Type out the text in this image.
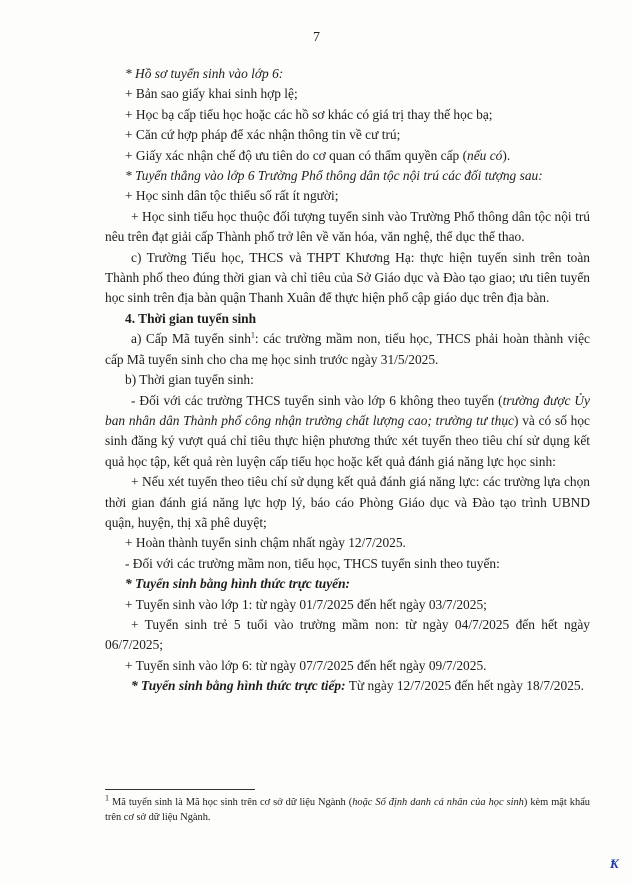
7

* Hồ sơ tuyển sinh vào lớp 6:

+ Bản sao giấy khai sinh hợp lệ;

+ Học bạ cấp tiểu học hoặc các hồ sơ khác có giá trị thay thế học bạ;

+ Căn cứ hợp pháp để xác nhận thông tin về cư trú;

+ Giấy xác nhận chế độ ưu tiên do cơ quan có thẩm quyền cấp (nếu có).

* Tuyển thẳng vào lớp 6 Trường Phổ thông dân tộc nội trú các đối tượng sau:

+ Học sinh dân tộc thiểu số rất ít người;

+ Học sinh tiểu học thuộc đối tượng tuyển sinh vào Trường Phổ thông dân tộc nội trú nêu trên đạt giải cấp Thành phố trở lên về văn hóa, văn nghệ, thể dục thể thao.

c) Trường Tiểu học, THCS và THPT Khương Hạ: thực hiện tuyển sinh trên toàn Thành phố theo đúng thời gian và chỉ tiêu của Sở Giáo dục và Đào tạo giao; ưu tiên tuyển học sinh trên địa bàn quận Thanh Xuân để thực hiện phổ cập giáo dục trên địa bàn.

4. Thời gian tuyển sinh

a) Cấp Mã tuyển $\sinh^1$: các trường mầm non, tiểu học, THCS phải hoàn thành việc cấp Mã tuyển sinh cho cha mẹ học sinh trước ngày 31/5/2025.

b) Thời gian tuyển sinh:

- Đối với các trường THCS tuyển sinh vào lớp 6 không theo tuyến (trường được Ủy ban nhân dân Thành phố công nhận trường chất lượng cao; trường tư thục) và có số học sinh đăng ký vượt quá chỉ tiêu thực hiện phương thức xét tuyển theo tiêu chí sử dụng kết quả học tập, kết quả rèn luyện cấp tiểu học hoặc kết quả đánh giá năng lực học sinh:

+ Nếu xét tuyển theo tiêu chí sử dụng kết quả đánh giá năng lực: các trường lựa chọn thời gian đánh giá năng lực hợp lý, báo cáo Phòng Giáo dục và Đào tạo trình UBND quận, huyện, thị xã phê duyệt;

+ Hoàn thành tuyển sinh chậm nhất ngày 12/7/2025.

- Đối với các trường mầm non, tiểu học, THCS tuyển sinh theo tuyến:

* Tuyển sinh bằng hình thức trực tuyến:

+ Tuyển sinh vào lớp 1: từ ngày 01/7/2025 đến hết ngày 03/7/2025;

+ Tuyển sinh trẻ 5 tuổi vào trường mầm non: từ ngày 04/7/2025 đến hết ngày 06/7/2025;

+ Tuyển sinh vào lớp 6: từ ngày 07/7/2025 đến hết ngày 09/7/2025.

* Tuyển sinh bằng hình thức trực tiếp: Từ ngày 12/7/2025 đến hết ngày 18/7/2025.

$^1$ Mã tuyển sinh là Mã học sinh trên cơ sở dữ liệu Ngành (hoặc Số định danh cá nhân của học sinh) kèm mật khẩu trên cơ sở dữ liệu Ngành.
Ҟ
